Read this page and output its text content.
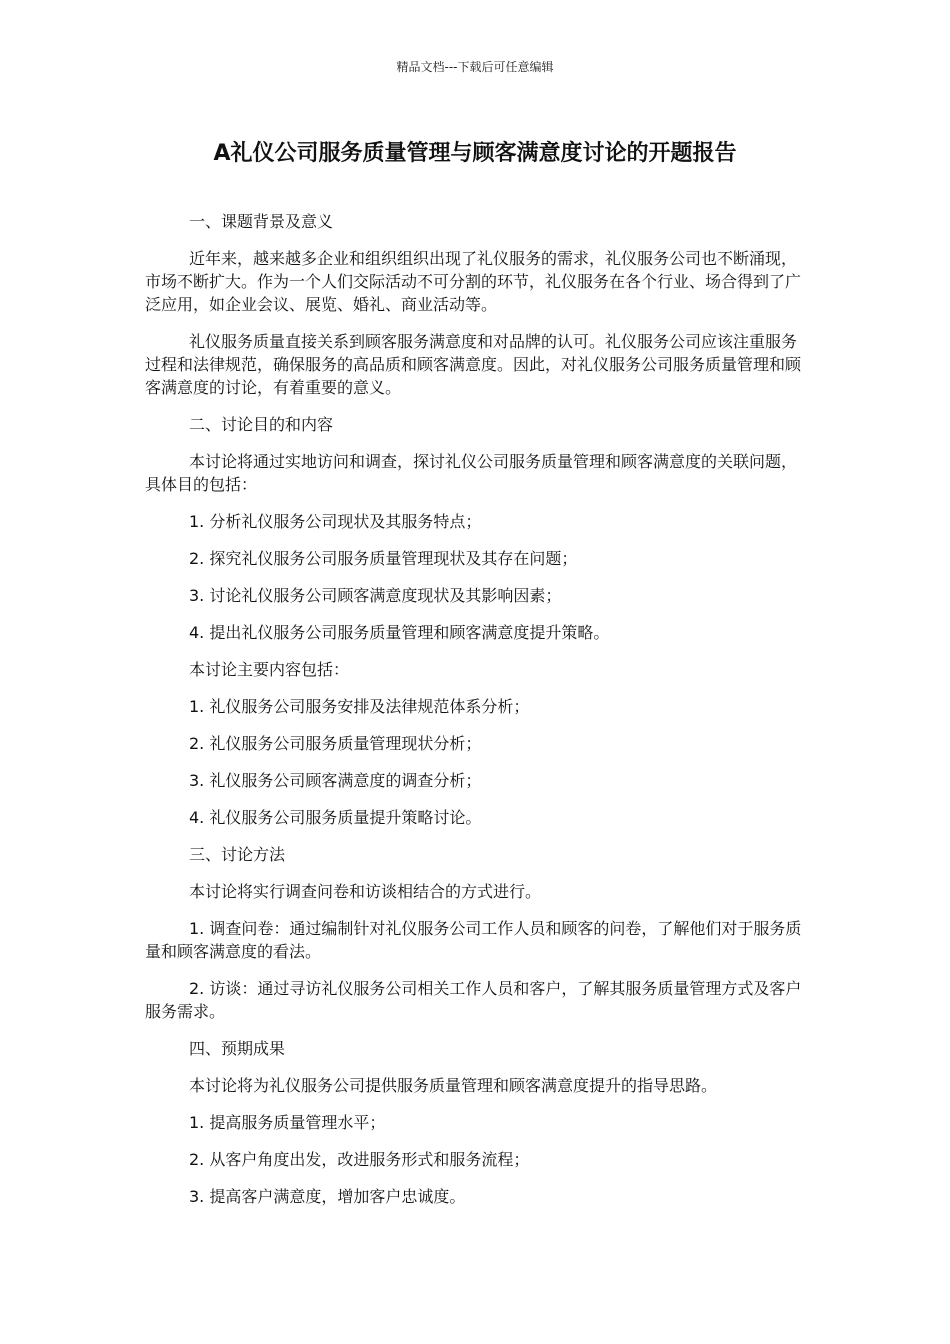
精品文档---下载后可任意编辑
A礼仪公司服务质量管理与顾客满意度讨论的开题报告

一、课题背景及意义

近年来，越来越多企业和组织组织出现了礼仪服务的需求，礼仪服务公司也不断涌现，市场不断扩大。作为一个人们交际活动不可分割的环节，礼仪服务在各个行业、场合得到了广泛应用，如企业会议、展览、婚礼、商业活动等。

礼仪服务质量直接关系到顾客服务满意度和对品牌的认可。礼仪服务公司应该注重服务过程和法律规范，确保服务的高品质和顾客满意度。因此，对礼仪服务公司服务质量管理和顾客满意度的讨论，有着重要的意义。

二、讨论目的和内容

本讨论将通过实地访问和调查，探讨礼仪公司服务质量管理和顾客满意度的关联问题，具体目的包括：

1. 分析礼仪服务公司现状及其服务特点；

2. 探究礼仪服务公司服务质量管理现状及其存在问题；

3. 讨论礼仪服务公司顾客满意度现状及其影响因素；

4. 提出礼仪服务公司服务质量管理和顾客满意度提升策略。

本讨论主要内容包括：

1. 礼仪服务公司服务安排及法律规范体系分析；

2. 礼仪服务公司服务质量管理现状分析；

3. 礼仪服务公司顾客满意度的调查分析；

4. 礼仪服务公司服务质量提升策略讨论。

三、讨论方法

本讨论将实行调查问卷和访谈相结合的方式进行。

1. 调查问卷：通过编制针对礼仪服务公司工作人员和顾客的问卷，了解他们对于服务质量和顾客满意度的看法。

2. 访谈：通过寻访礼仪服务公司相关工作人员和客户，了解其服务质量管理方式及客户服务需求。

四、预期成果

本讨论将为礼仪服务公司提供服务质量管理和顾客满意度提升的指导思路。

1. 提高服务质量管理水平；

2. 从客户角度出发，改进服务形式和服务流程；

3. 提高客户满意度，增加客户忠诚度。
